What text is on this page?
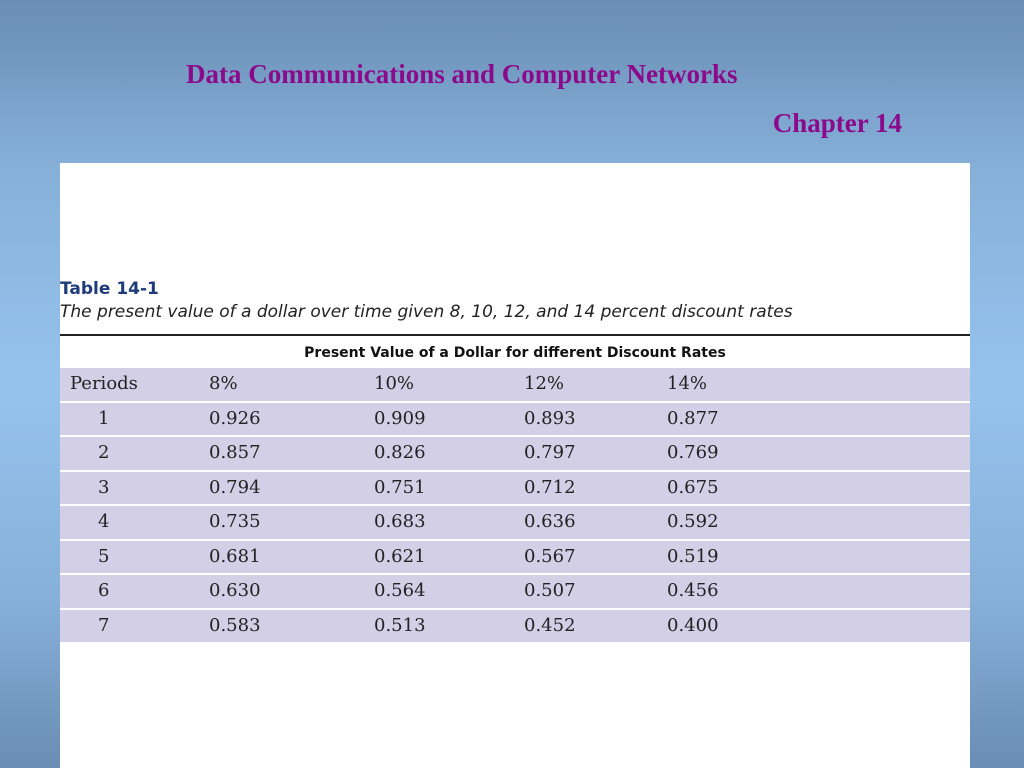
Data Communications and Computer Networks
Chapter 14

Table 14-1

The present value of a dollar over time given 8, 10, 12, and 14 percent discount rates

Present Value of a Dollar for different Discount Rates
Periods	8%	10%	12%	14%
1	0.926	0.909	0.893	0.877
2	0.857	0.826	0.797	0.769
3	0.794	0.751	0.712	0.675
4	0.735	0.683	0.636	0.592
5	0.681	0.621	0.567	0.519
6	0.630	0.564	0.507	0.456
7	0.583	0.513	0.452	0.400
